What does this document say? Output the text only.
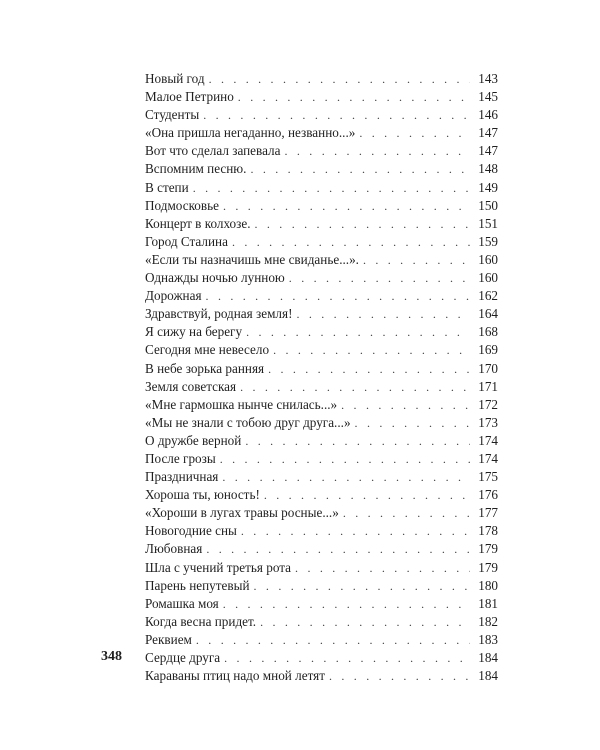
348
Новый год . . .	143
Малое Петрино . . .	145
Студенты . . .	146
«Она пришла негаданно, незванно...» . . .	147
Вот что сделал запевала . . .	147
Вспомним песню. . . .	148
В степи . . .	149
Подмосковье . . .	150
Концерт в колхозе. . . .	151
Город Сталина . . .	159
«Если ты назначишь мне свиданье...». . . .	160
Однажды ночью лунною . . .	160
Дорожная . . .	162
Здравствуй, родная земля! . . .	164
Я сижу на берегу . . .	168
Сегодня мне невесело . . .	169
В небе зорька ранняя . . .	170
Земля советская . . .	171
«Мне гармошка нынче снилась...» . . .	172
«Мы не знали с тобою друг друга...» . . .	173
О дружбе верной . . .	174
После грозы . . .	174
Праздничная . . .	175
Хороша ты, юность! . . .	176
«Хороши в лугах травы росные...» . . .	177
Новогодние сны . . .	178
Любовная . . .	179
Шла с учений третья рота . . .	179
Парень непутевый . . .	180
Ромашка моя . . .	181
Когда весна придет. . . .	182
Реквием . . .	183
Сердце друга . . .	184
Караваны птиц надо мной летят . . .	184
